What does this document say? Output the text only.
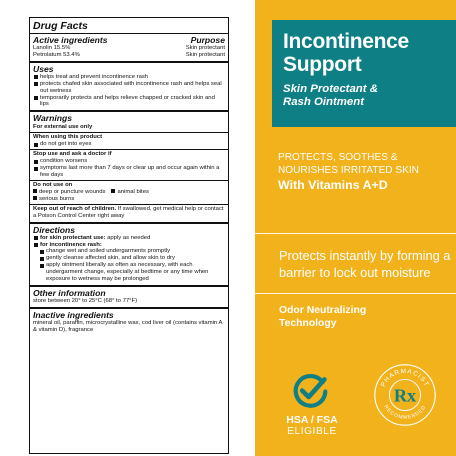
Drug Facts
Active ingredients	Purpose
Lanolin 15.5%	Skin protectant
Petrolatum 53.4%	Skin protectant
Uses
helps treat and prevent incontinence rash
protects chafed skin associated with incontinence rash and helps seal out wetness
temporarily protects and helps relieve chapped or cracked skin and lips
Warnings
For external use only
When using this product
do not get into eyes
Stop use and ask a doctor if
condition worsens
symptoms last more than 7 days or clear up and occur again within a few days
Do not use on
deep or puncture wounds	animal bites
serious burns
Keep out of reach of children. If swallowed, get medical help or contact a Poison Control Center right away
Directions
for skin protectant use: apply as needed
for incontinence rash:
change wet and soiled undergarments promptly
gently cleanse affected skin, and allow skin to dry
apply ointment liberally as often as necessary, with each undergarment change, especially at bedtime or any time when exposure to wetness may be prolonged
Other information
store between 20° to 25°C (68° to 77°F)
Inactive ingredients
mineral oil, paraffin, microcrystalline wax, cod liver oil (contains vitamin A & vitamin D), fragrance
Incontinence
Support
Skin Protectant &
Rash Ointment
PROTECTS, SOOTHES &
NOURISHES IRRITATED SKIN
With Vitamins A+D
Protects instantly by forming a barrier to lock out moisture
Odor Neutralizing
Technology
HSA / FSA
ELIGIBLE
PHARMACIST
RECOMMENDED
Rx
